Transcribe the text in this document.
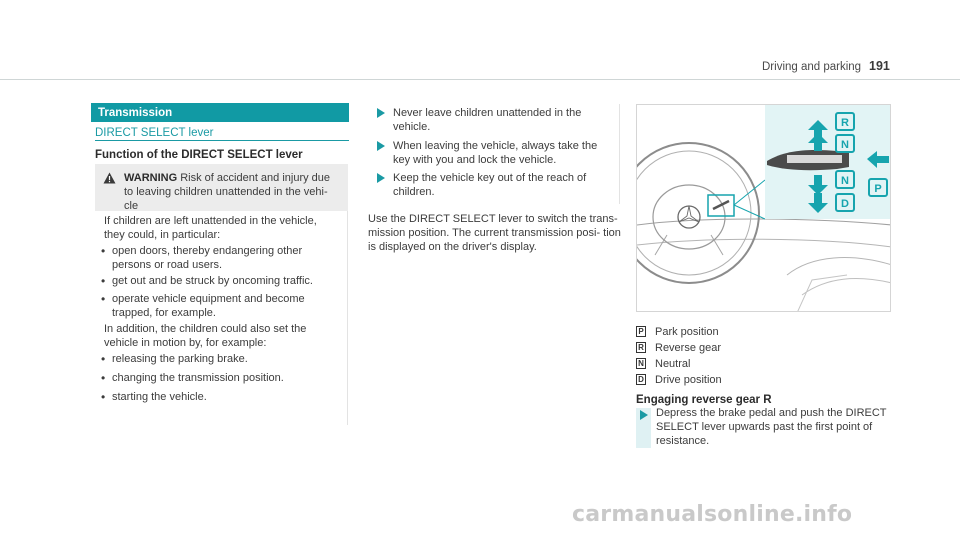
Driving and parking 191
Transmission
DIRECT SELECT lever
Function of the DIRECT SELECT lever
WARNING Risk of accident and injury due to leaving children unattended in the vehi- cle
If children are left unattended in the vehicle, they could, in particular:
• open doors, thereby endangering other persons or road users.
• get out and be struck by oncoming traffic.
• operate vehicle equipment and become trapped, for example.
In addition, the children could also set the vehicle in motion by, for example:
• releasing the parking brake.
• changing the transmission position.
• starting the vehicle.
Never leave children unattended in the vehicle.
When leaving the vehicle, always take the key with you and lock the vehicle.
Keep the vehicle key out of the reach of children.
Use the DIRECT SELECT lever to switch the trans- mission position. The current transmission posi- tion is displayed on the driver's display.
R
N
N
D
P
P Park position
R Reverse gear
N Neutral
D Drive position
Engaging reverse gear R
Depress the brake pedal and push the DIRECT SELECT lever upwards past the first point of resistance.
carmanualsonline.info
